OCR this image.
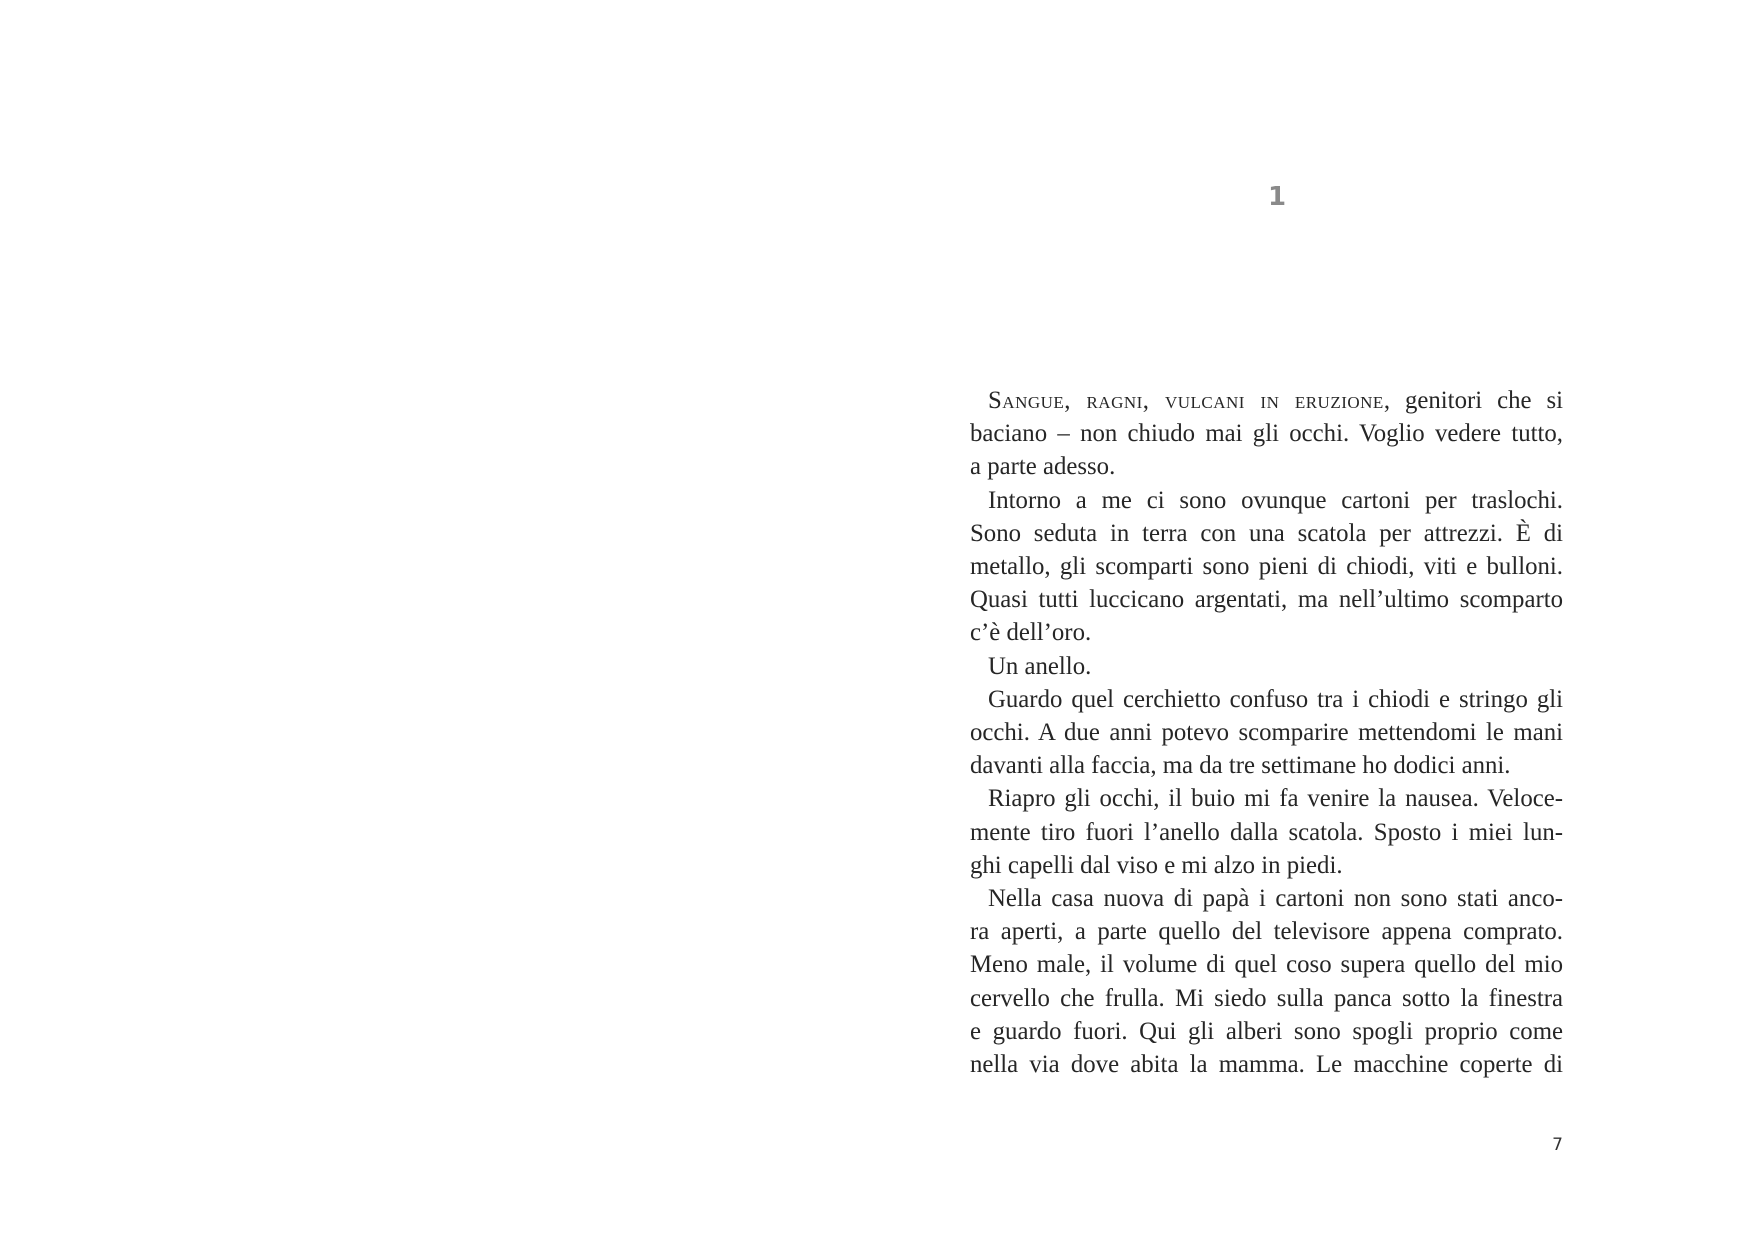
1
Sangue, ragni, vulcani in eruzione, genitori che si
baciano – non chiudo mai gli occhi. Voglio vedere tutto,
a parte adesso.
Intorno a me ci sono ovunque cartoni per traslochi.
Sono seduta in terra con una scatola per attrezzi. È di
metallo, gli scomparti sono pieni di chiodi, viti e bulloni.
Quasi tutti luccicano argentati, ma nell’ultimo scomparto
c’è dell’oro.
Un anello.
Guardo quel cerchietto confuso tra i chiodi e stringo gli
occhi. A due anni potevo scomparire mettendomi le mani
davanti alla faccia, ma da tre settimane ho dodici anni.
Riapro gli occhi, il buio mi fa venire la nausea. Veloce-
mente tiro fuori l’anello dalla scatola. Sposto i miei lun-
ghi capelli dal viso e mi alzo in piedi.
Nella casa nuova di papà i cartoni non sono stati anco-
ra aperti, a parte quello del televisore appena comprato.
Meno male, il volume di quel coso supera quello del mio
cervello che frulla. Mi siedo sulla panca sotto la finestra
e guardo fuori. Qui gli alberi sono spogli proprio come
nella via dove abita la mamma. Le macchine coperte di
7
